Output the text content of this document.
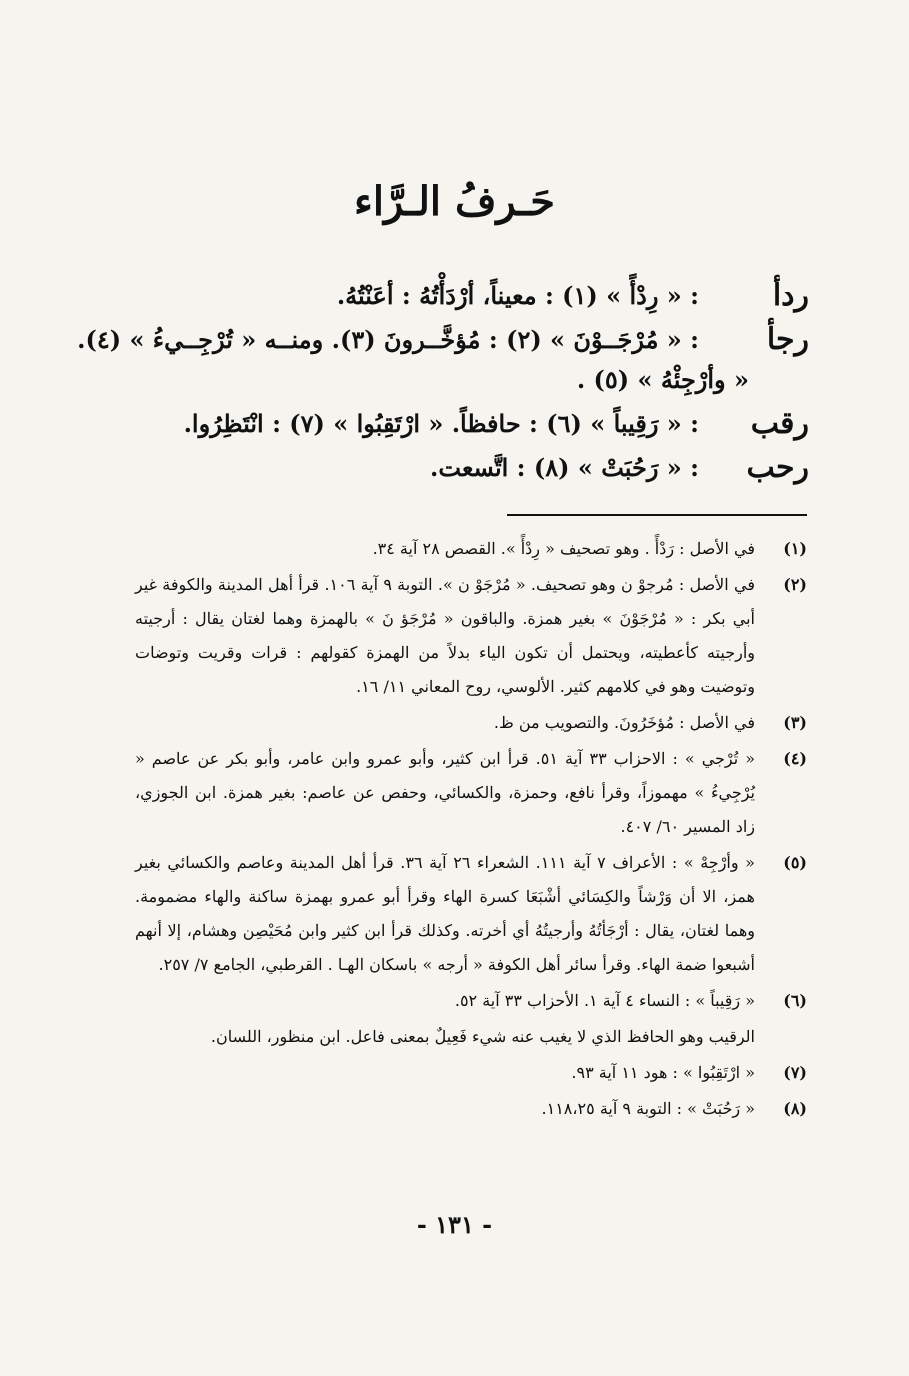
حَـرفُ الـرَّاء
ردأ
: « رِدْأً » (١) : معيناً، أرْدَأْتُهُ : أعَنْتُهُ.
رجأ
: « مُرْجَــوْنَ » (٢) : مُؤخَّــرونَ (٣). ومنــه « تُرْجِــيءُ » (٤).
« وأرْجِئْهُ » (٥) .
رقب
: « رَقِيباً » (٦) : حافظاً. « ارْتَقِبُوا » (٧) : انْتَظِرُوا.
رحب
: « رَحُبَتْ » (٨) : اتَّسعت.
(١)
في الأصل : رَدْأً . وهو تصحيف « رِدْأً ». القصص ٢٨ آية ٣٤.
(٢)
في الأصل : مُرجوْ ن وهو تصحيف. « مُرْجَوْ ن ». التوبة ٩ آية ١٠٦. قرأ أهل المدينة والكوفة غير أبي بكر : « مُرْجَوْنَ » بغير همزة. والباقون « مُرْجَؤ نَ » بالهمزة وهما لغتان يقال : أرجيته وأرجيته كأعطيته، ويحتمل أن تكون الياء بدلاً من الهمزة كقولهم : قرات وقريت وتوضات وتوضيت وهو في كلامهم كثير. الألوسي، روح المعاني ١١/ ١٦.
(٣)
في الأصل : مُؤخَرُونَ. والتصويب من ظ.
(٤)
« تُرْجي » : الاحزاب ٣٣ آية ٥١. قرأ ابن كثير، وأبو عمرو وابن عامر، وأبو بكر عن عاصم « يُرْجِيءُ » مهموزاً، وقرأ نافع، وحمزة، والكسائي، وحفص عن عاصم: بغير همزة. ابن الجوزي، زاد المسير ٦٠/ ٤٠٧.
(٥)
« وأرْجِهْ » : الأعراف ٧ آية ١١١. الشعراء ٢٦ آية ٣٦. قرأ أهل المدينة وعاصم والكسائي بغير همز، الا أن وَرْشاً والكِسَائي أشْبَعَا كسرة الهاء وقرأ أبو عمرو بهمزة ساكنة والهاء مضمومة. وهما لغتان، يقال : أرْجَأتُهُ وأرجيتُهُ أي أخرته. وكذلك قرأ ابن كثير وابن مُحَيْصِن وهشام، إلا أنهم أشبعوا ضمة الهاء. وقرأ سائر أهل الكوفة « أرجه » باسكان الهـا . القرطبي، الجامع ٧/ ٢٥٧.
(٦)
« رَقِيباً » : النساء ٤ آية ١. الأحزاب ٣٣ آية ٥٢.
الرقيب وهو الحافظ الذي لا يغيب عنه شيء فَعِيلٌ بمعنى فاعل. ابن منظور، اللسان.
(٧)
« ارْتَقِبُوا » : هود ١١ آية ٩٣.
(٨)
« رَحُبَتْ » : التوبة ٩ آية ١١٨،٢٥.
- ١٣١ -
